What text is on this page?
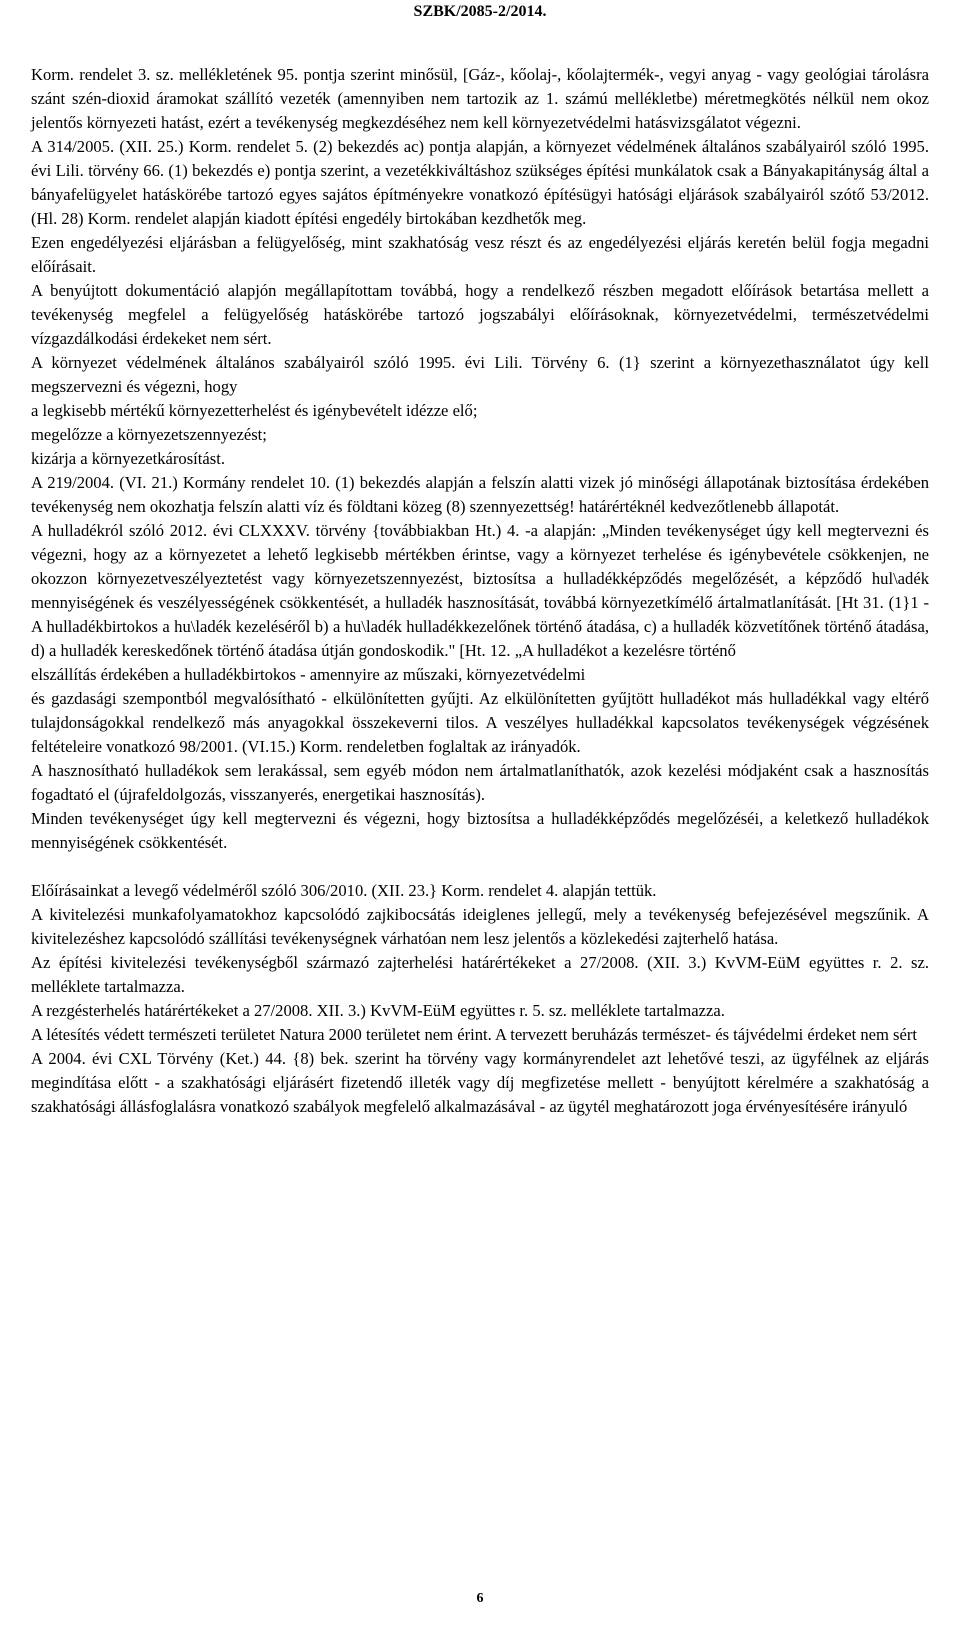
SZBK/2085-2/2014.

Korm. rendelet 3. sz. mellékletének 95. pontja szerint minősül, [Gáz-, kőolaj-, kőolajtermék-, vegyi anyag - vagy geológiai tárolásra szánt szén-dioxid áramokat szállító vezeték (amennyiben nem tartozik az 1. számú mellékletbe) méretmegkötés nélkül nem okoz jelentős környezeti hatást, ezért a tevékenység megkezdéséhez nem kell környezetvédelmi hatásvizsgálatot végezni.

A 314/2005. (XII. 25.) Korm. rendelet 5. (2) bekezdés ac) pontja alapján, a környezet védelmének általános szabályairól szóló 1995. évi Lili. törvény 66. (1) bekezdés e) pontja szerint, a vezetékkiváltáshoz szükséges építési munkálatok csak a Bányakapitányság által a bányafelügyelet hatáskörébe tartozó egyes sajátos építményekre vonatkozó építésügyi hatósági eljárások szabályairól szótő 53/2012. (Hl. 28) Korm. rendelet alapján kiadott építési engedély birtokában kezdhetők meg.

Ezen engedélyezési eljárásban a felügyelőség, mint szakhatóság vesz részt és az engedélyezési eljárás keretén belül fogja megadni előírásait.

A benyújtott dokumentáció alapjón megállapítottam továbbá, hogy a rendelkező részben megadott előírások betartása mellett a tevékenység megfelel a felügyelőség hatáskörébe tartozó jogszabályi előírásoknak, környezetvédelmi, természetvédelmi vízgazdálkodási érdekeket nem sért.

A környezet védelmének általános szabályairól szóló 1995. évi Lili. Törvény 6. (1} szerint a környezethasználatot úgy kell megszervezni és végezni, hogy

a legkisebb mértékű környezetterhelést és igénybevételt idézze elő;

megelőzze a környezetszennyezést;

kizárja a környezetkárosítást.

A 219/2004. (VI. 21.) Kormány rendelet 10. (1) bekezdés alapján a felszín alatti vizek jó minőségi állapotának biztosítása érdekében tevékenység nem okozhatja felszín alatti víz és földtani közeg (8) szennyezettség! határértéknél kedvezőtlenebb állapotát.

A hulladékról szóló 2012. évi CLXXXV. törvény {továbbiakban Ht.) 4. -a alapján: „Minden tevékenységet úgy kell megtervezni és végezni, hogy az a környezetet a lehető legkisebb mértékben érintse, vagy a környezet terhelése és igénybevétele csökkenjen, ne okozzon környezetveszélyeztetést vagy környezetszennyezést, biztosítsa a hulladékképződés megelőzését, a képződő hul\adék mennyiségének és veszélyességének csökkentését, a hulladék hasznosítását, továbbá környezetkímélő ártalmatlanítását. [Ht 31. (1}1 -A hulladékbirtokos a hu\ladék kezeléséről b) a hu\ladék hulladékkezelőnek történő átadása, c) a hulladék közvetítőnek történő átadása, d) a hulladék kereskedőnek történő átadása útján gondoskodik." [Ht. 12. „A hulladékot a kezelésre történő

elszállítás érdekében a hulladékbirtokos - amennyire az műszaki, környezetvédelmi

és gazdasági szempontból megvalósítható - elkülönítetten gyűjti. Az elkülönítetten gyűjtött hulladékot más hulladékkal vagy eltérő tulajdonságokkal rendelkező más anyagokkal összekeverni tilos. A veszélyes hulladékkal kapcsolatos tevékenységek végzésének feltételeire vonatkozó 98/2001. (VI.15.) Korm. rendeletben foglaltak az irányadók.

A hasznosítható hulladékok sem lerakással, sem egyéb módon nem ártalmatlaníthatók, azok kezelési módjaként csak a hasznosítás fogadtató el (újrafeldolgozás, visszanyerés, energetikai hasznosítás).

Minden tevékenységet úgy kell megtervezni és végezni, hogy biztosítsa a hulladékképződés megelőzéséi, a keletkező hulladékok mennyiségének csökkentését.

Előírásainkat a levegő védelméről szóló 306/2010. (XII. 23.} Korm. rendelet 4. alapján tettük.

A kivitelezési munkafolyamatokhoz kapcsolódó zajkibocsátás ideiglenes jellegű, mely a tevékenység befejezésével megszűnik. A kivitelezéshez kapcsolódó szállítási tevékenységnek várhatóan nem lesz jelentős a közlekedési zajterhelő hatása.

Az építési kivitelezési tevékenységből származó zajterhelési határértékeket a 27/2008. (XII. 3.) KvVM-EüM együttes r. 2. sz. melléklete tartalmazza.

A rezgésterhelés határértékeket a 27/2008. XII. 3.) KvVM-EüM együttes r. 5. sz. melléklete tartalmazza.

A létesítés védett természeti területet Natura 2000 területet nem érint. A tervezett beruházás természet- és tájvédelmi érdeket nem sért

A 2004. évi CXL Törvény (Ket.) 44. {8) bek. szerint ha törvény vagy kormányrendelet azt lehetővé teszi, az ügyfélnek az eljárás megindítása előtt - a szakhatósági eljárásért fizetendő illeték vagy díj megfizetése mellett - benyújtott kérelmére a szakhatóság a szakhatósági állásfoglalásra vonatkozó szabályok megfelelő alkalmazásával - az ügytél meghatározott joga érvényesítésére irányuló

6
